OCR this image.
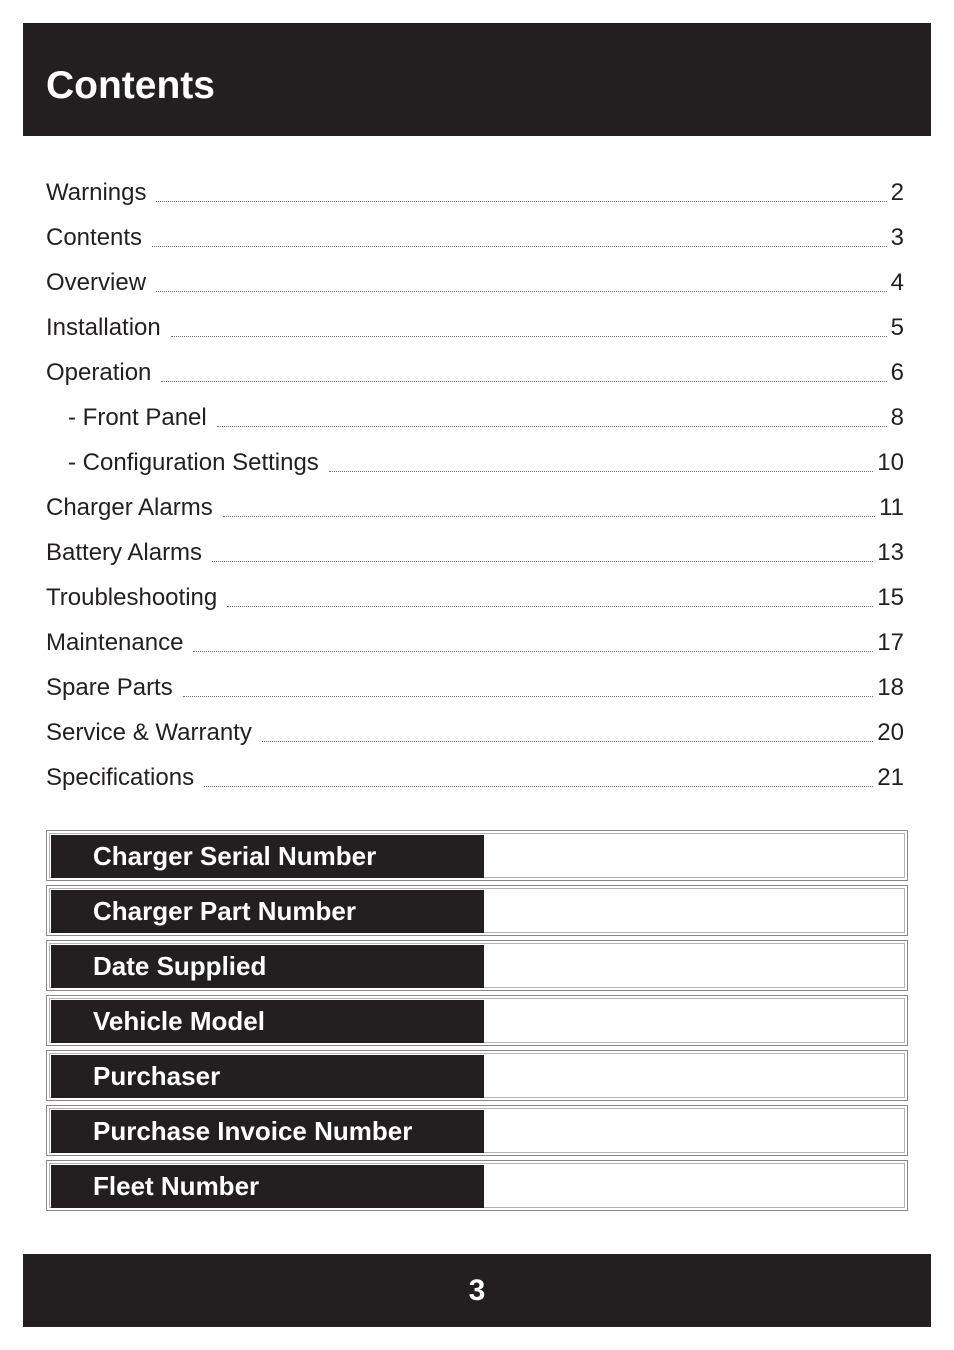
Contents
Warnings	2
Contents	3
Overview	4
Installation	5
Operation	6
- Front Panel	8
- Configuration Settings	10
Charger Alarms	11
Battery Alarms	13
Troubleshooting	15
Maintenance	17
Spare Parts	18
Service & Warranty	20
Specifications	21
Charger Serial Number
Charger Part Number
Date Supplied
Vehicle Model
Purchaser
Purchase Invoice Number
Fleet Number
3
